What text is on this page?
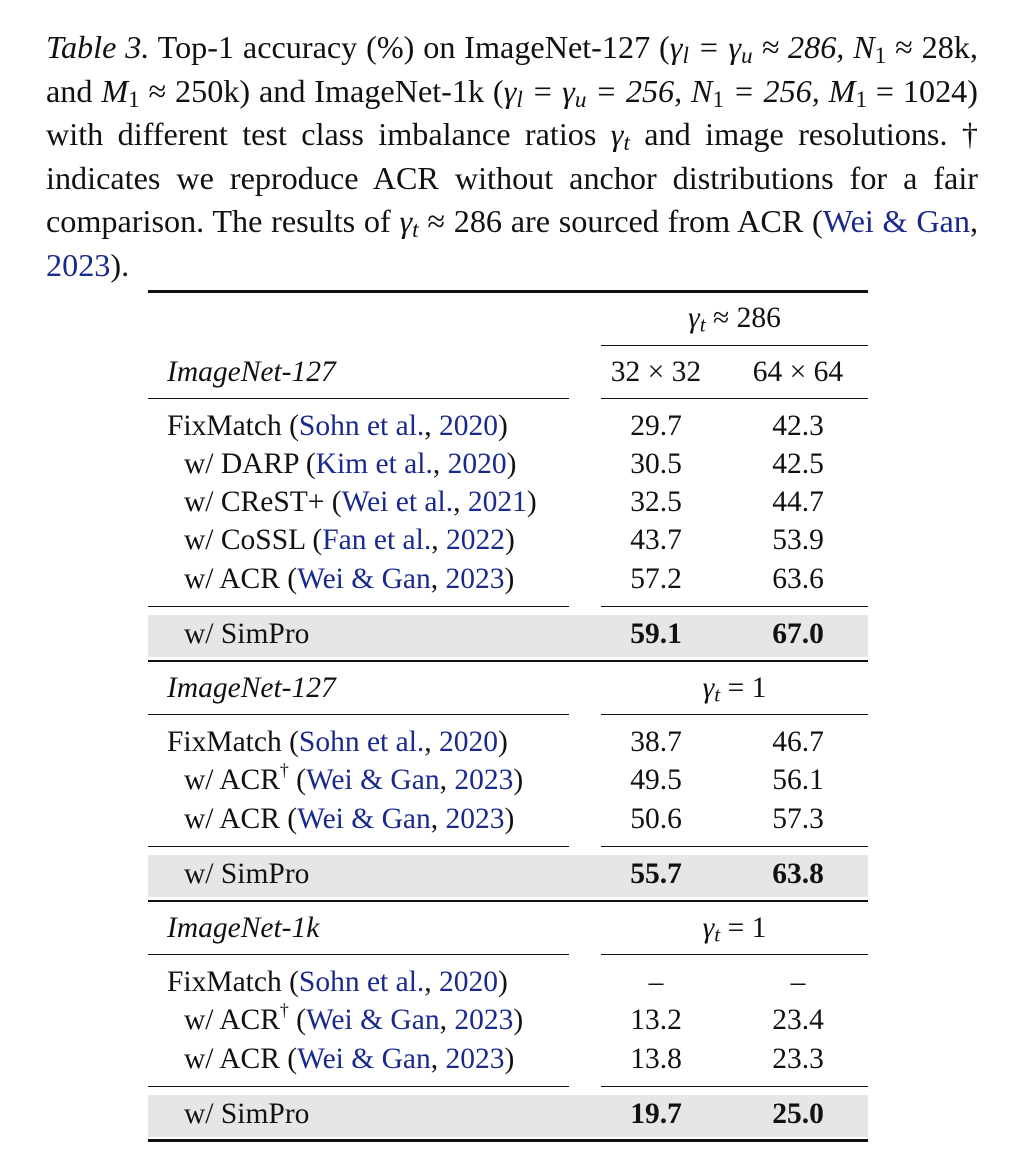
Table 3. Top-1 accuracy (%) on ImageNet-127 ($\gamma_l = \gamma_u \approx 286$, $N_1 \approx 28k$, and $M_1 \approx 250k$) and ImageNet-1k ($\gamma_l = \gamma_u = 256$, $N_1 = 256$, $M_1 = 1024$) with different test class imbalance ratios $\gamma_t$ and image resolutions. † indicates we reproduce ACR without anchor distributions for a fair comparison. The results of $\gamma_t \approx 286$ are sourced from ACR (Wei & Gan, 2023).
$\gamma_t \approx 286$
ImageNet-127	32 × 32	64 × 64
FixMatch (Sohn et al., 2020)	29.7	42.3
w/ DARP (Kim et al., 2020)	30.5	42.5
w/ CReST+ (Wei et al., 2021)	32.5	44.7
w/ CoSSL (Fan et al., 2022)	43.7	53.9
w/ ACR (Wei & Gan, 2023)	57.2	63.6
w/ SimPro	59.1	67.0
ImageNet-127	$\gamma_t = 1$
FixMatch (Sohn et al., 2020)	38.7	46.7
w/ ACR† (Wei & Gan, 2023)	49.5	56.1
w/ ACR (Wei & Gan, 2023)	50.6	57.3
w/ SimPro	55.7	63.8
ImageNet-1k	$\gamma_t = 1$
FixMatch (Sohn et al., 2020)	–	–
w/ ACR† (Wei & Gan, 2023)	13.2	23.4
w/ ACR (Wei & Gan, 2023)	13.8	23.3
w/ SimPro	19.7	25.0
